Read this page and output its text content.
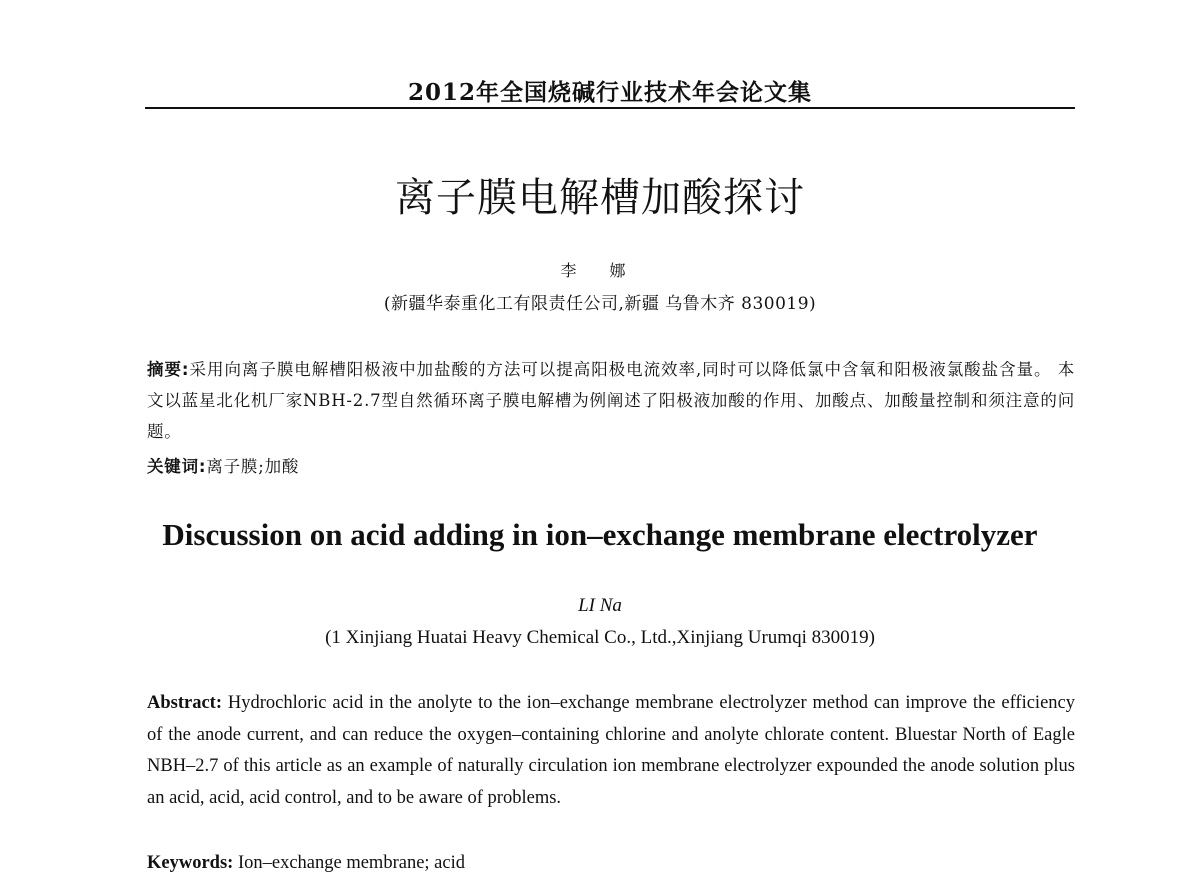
2012年全国烧碱行业技术年会论文集
离子膜电解槽加酸探讨
李 娜
(新疆华泰重化工有限责任公司,新疆 乌鲁木齐 830019)
摘要:采用向离子膜电解槽阳极液中加盐酸的方法可以提高阳极电流效率,同时可以降低氯中含氧和阳极液氯酸盐含量。 本文以蓝星北化机厂家NBH-2.7型自然循环离子膜电解槽为例阐述了阳极液加酸的作用、加酸点、加酸量控制和须注意的问题。
关键词:离子膜;加酸
Discussion on acid adding in ion–exchange membrane electrolyzer
LI Na
(1 Xinjiang Huatai Heavy Chemical Co., Ltd.,Xinjiang Urumqi 830019)
Abstract: Hydrochloric acid in the anolyte to the ion–exchange membrane electrolyzer method can improve the efficiency of the anode current, and can reduce the oxygen–containing chlorine and anolyte chlorate content. Bluestar North of Eagle NBH–2.7 of this article as an example of naturally circulation ion membrane electrolyzer expounded the anode solution plus an acid, acid, acid control, and to be aware of problems.
Keywords: Ion–exchange membrane; acid
